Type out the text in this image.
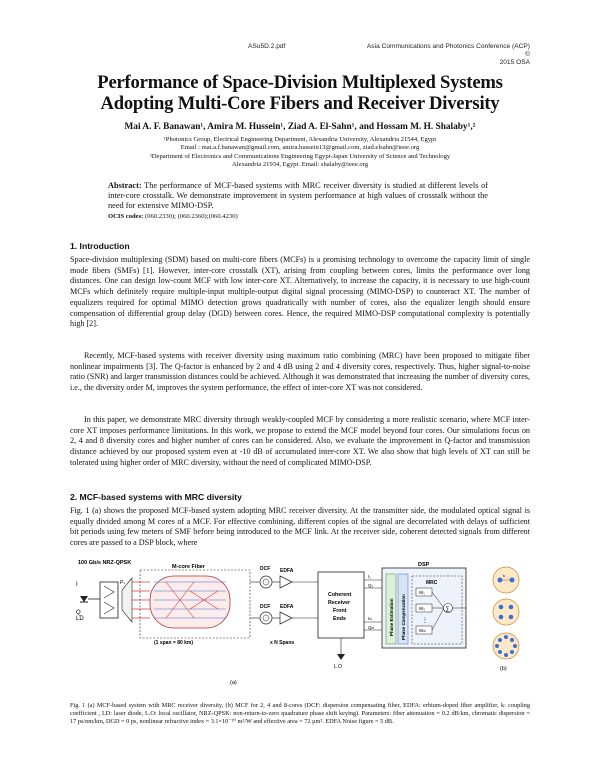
ASu5D.2.pdf	Asia Communications and Photonics Conference (ACP) ©
2015 OSA
Performance of Space-Division Multiplexed Systems
Adopting Multi-Core Fibers and Receiver Diversity
Mai A. F. Banawan¹, Amira M. Hussein¹, Ziad A. El-Sahn¹, and Hossam M. H. Shalaby¹,²
¹Photonics Group, Electrical Engineering Department, Alexandria University, Alexandria 21544, Egypt
Email : mai.a.f.banawan@gmail.com, amira.hussein13@gmail.com, ziad.elsahn@ieee.org
²Department of Electronics and Communications Engineering Egypt-Japan University of Science and Technology
Alexandria 21934, Egypt. Email: shalaby@ieee.org
Abstract: The performance of MCF-based systems with MRC receiver diversity is studied at different levels of inter-core crosstalk. We demonstrate improvement in system performance at high values of crosstalk without the need for extensive MIMO-DSP.
OCIS codes: (060.2330); (060.2360);(060.4230)
1. Introduction
Space-division multiplexing (SDM) based on multi-core fibers (MCFs) is a promising technology to overcome the capacity limit of single mode fibers (SMFs) [1]. However, inter-core crosstalk (XT), arising from coupling between cores, limits the performance over long distances. One can design low-count MCF with low inter-core XT. Alternatively, to increase the capacity, it is necessary to use high-count MCFs which definitely require multiple-input multiple-output digital signal processing (MIMO-DSP) to counteract XT. The number of equalizers required for optimal MIMO detection grows quadratically with number of cores, also the equalizer length should ensure compensation of differential group delay (DGD) between cores. Hence, the required MIMO-DSP computational complexity is potentially high [2].
Recently, MCF-based systems with receiver diversity using maximum ratio combining (MRC) have been proposed to mitigate fiber nonlinear impairments [3]. The Q-factor is enhanced by 2 and 4 dB using 2 and 4 diversity cores, respectively. Thus, higher signal-to-noise ratio (SNR) and larger transmission distances could be achieved. Although it was demonstrated that increasing the number of diversity cores, i.e., the diversity order M, improves the system performance, the effect of inter-core XT was not considered.
In this paper, we demonstrate MRC diversity through weakly-coupled MCF by considering a more realistic scenario, where MCF inter-core XT imposes performance limitations. In this work, we propose to extend the MCF model beyond four cores. Our simulations focus on 2, 4 and 8 diversity cores and higher number of cores can be considered. Also, we evaluate the improvement in Q-factor and transmission distance achieved by our proposed system even at -10 dB of accumulated inter-core XT. We also show that high levels of XT can still be tolerated using higher order of MRC diversity, without the need of complicated MIMO-DSP.
2. MCF-based systems with MRC diversity
Fig. 1 (a) shows the proposed MCF-based system adopting MRC receiver diversity. At the transmitter side, the modulated optical signal is equally divided among M cores of a MCF. For effective combining, different copies of the signal are decorrelated with delays of sufficient bit periods using few meters of SMF before being introduced to the MCF link. At the receiver side, coherent detected signals from different cores are passed to a DSP block, where
100 Gb/s NRZ-QPSK
I
Q
LD
Pₛ
M-core Fiber
(1 span = 80 km)	x N Spans
DCF EDFA
DCF EDFA
Coherent
Receiver
Front
Ends
L.O
I₁
Q₁
Iₘ
Qₘ
DSP
Phase Estimation Phase Compensation
MRC
W₁
W₂
⋮
Wₘ
∑
k
(a)
(b)
Fig. 1 (a) MCF-based system with MRC receiver diversity, (b) MCF for 2, 4 and 8-cores (DCF: dispersion compensating fiber, EDFA: erbium-doped fiber amplifier, k: coupling coefficient , LD: laser diode, L.O: local oscillator, NRZ-QPSK: non-return-to-zero quadrature phase shift keying). Parameters: fiber attenuation = 0.2 dB/km, chromatic dispersion = 17 ps/nm/km, DGD = 0 ps, nonlinear refractive index = 3.1×10⁻²⁰ m²/W and effective area = 72 μm². EDFA Noise figure = 5 dB.
